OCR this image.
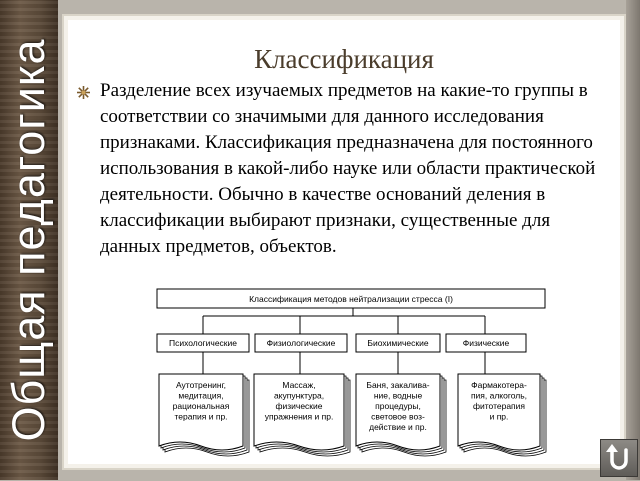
Общая педагогика	Классификация
Разделение всех изучаемых предметов на какие-то группы в соответствии со значимыми для данного исследования признаками. Классификация предназначена для постоянного использования в какой-либо науке или области практической деятельности. Обычно в качестве оснований деления в классификации выбирают признаки, существенные для данных предметов, объектов.
Классификация методов нейтрализации стресса (I)
Психологические	Физиологические	Биохимические	Физические
Аутотренинг,
медитация,
рациональная
терапия и пр.
Массаж,
акупунктура,
физические
упражнения и пр.
Баня, закалива-
ние, водные
процедуры,
световое воз-
действие и пр.
Фармакотера-
пия, алкоголь,
фитотерапия
и пр.
